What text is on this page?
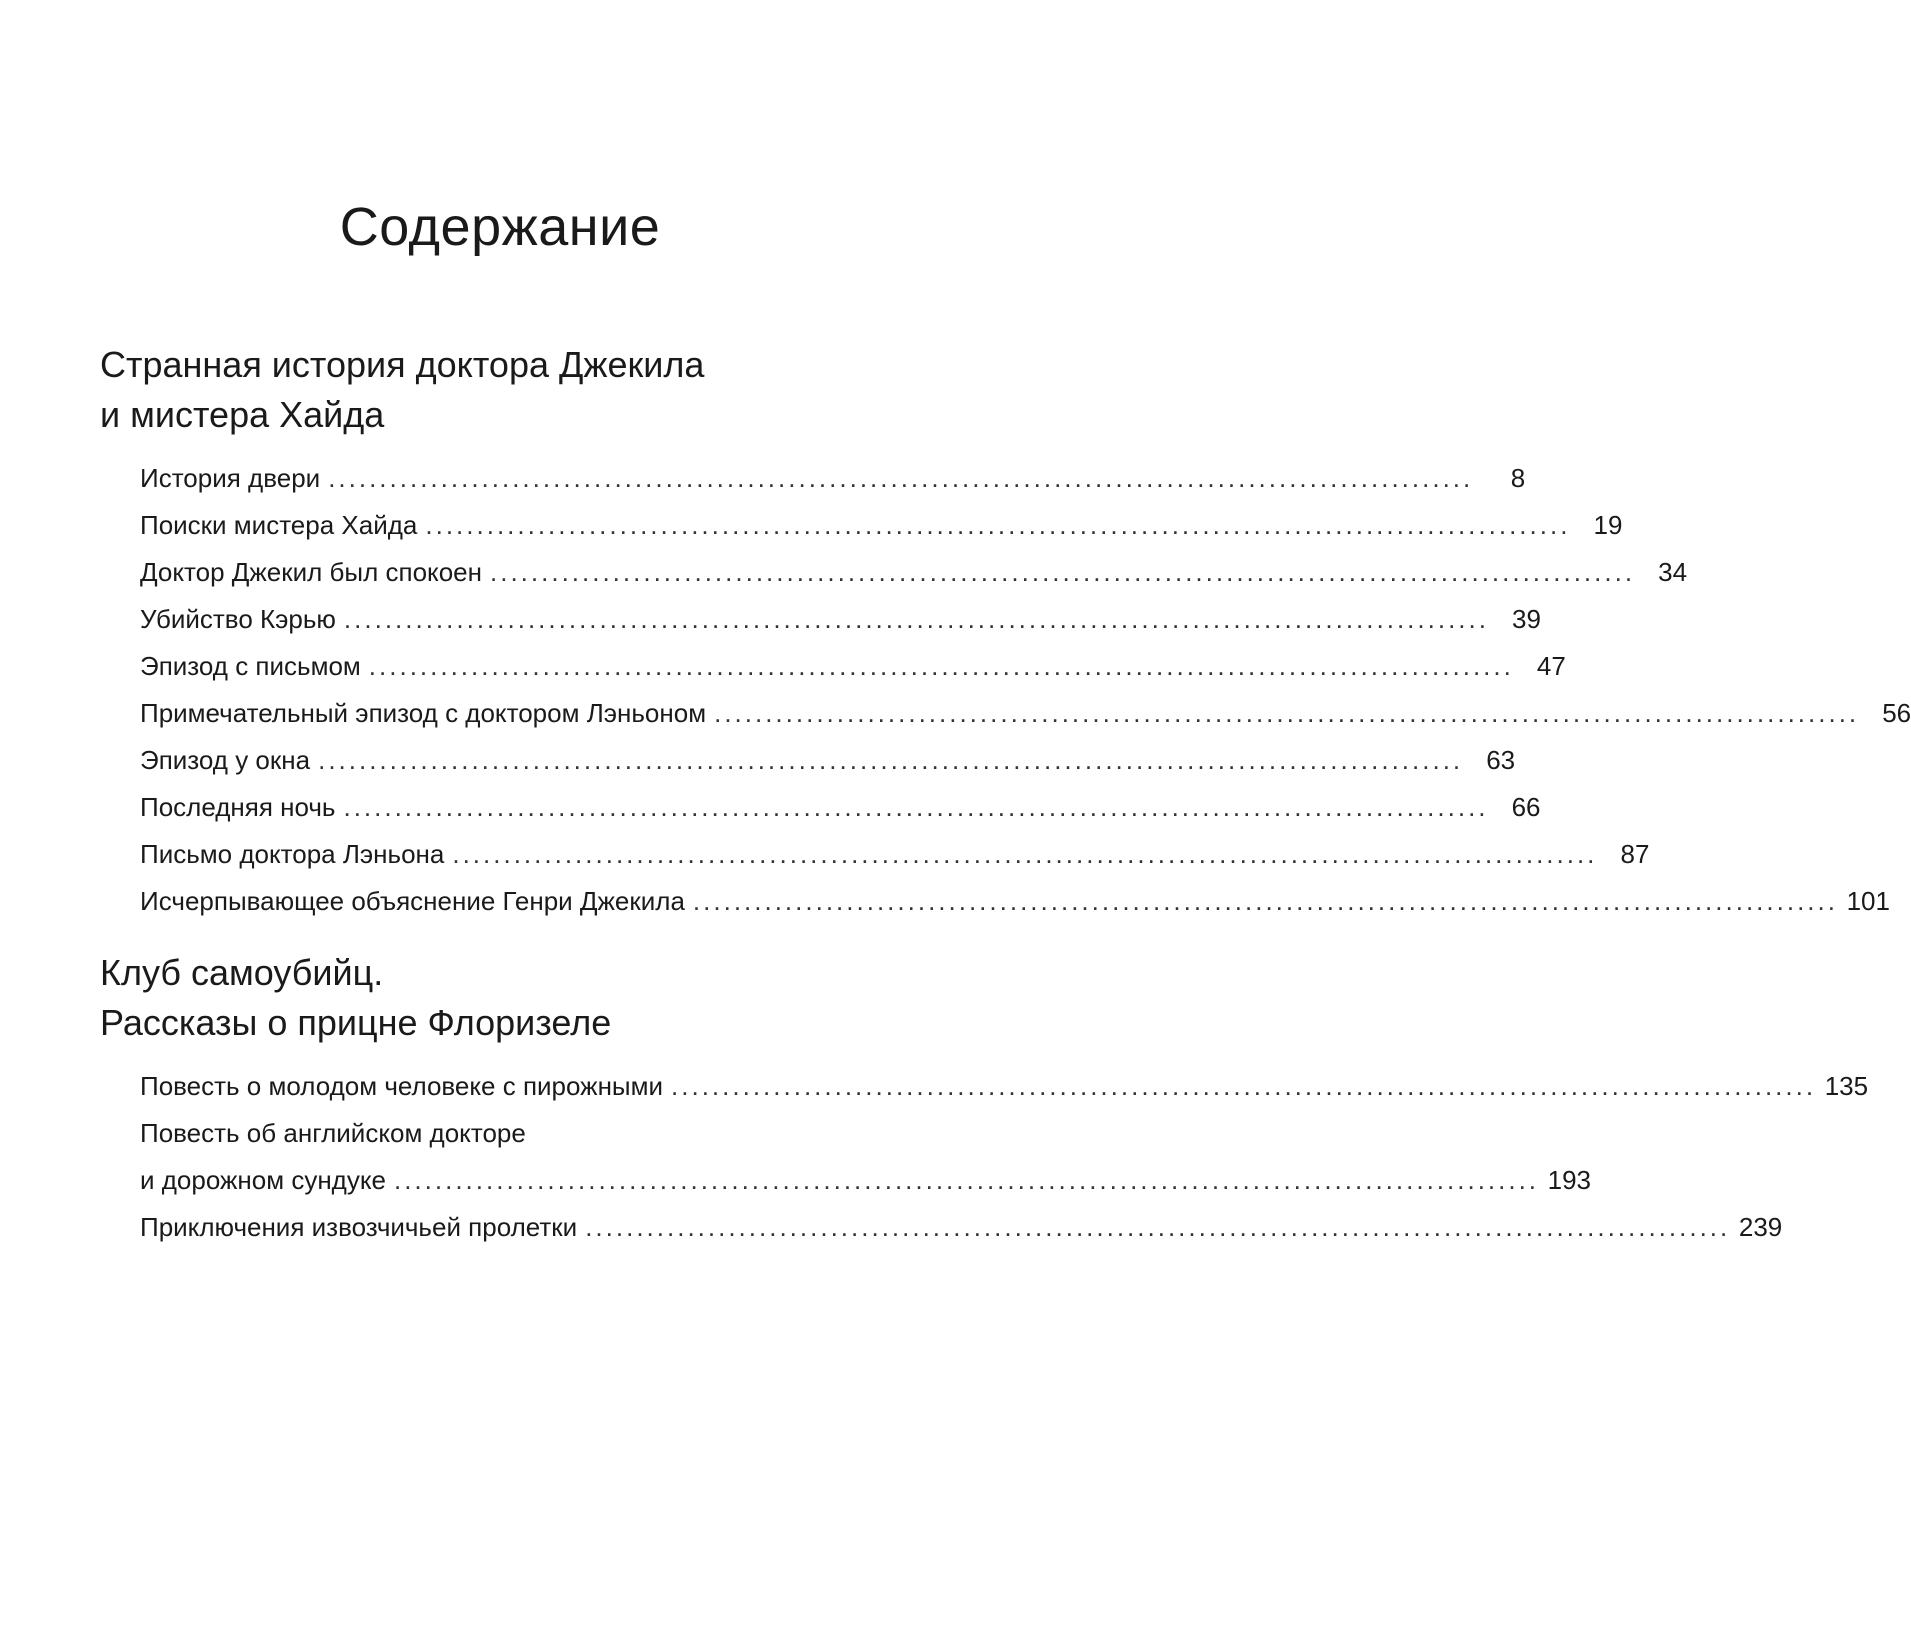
Содержание
Странная история доктора Джекила
и мистера Хайда
История двери ................................................................................................................	8
Поиски мистера Хайда ................................................................................................................ 19
Доктор Джекил был спокоен ................................................................................................................ 34
Убийство Кэрью ................................................................................................................ 39
Эпизод с письмом ................................................................................................................ 47
Примечательный эпизод с доктором Лэньоном ................................................................................................................ 56
Эпизод у окна ................................................................................................................ 63
Последняя ночь ................................................................................................................ 66
Письмо доктора Лэньона ................................................................................................................ 87
Исчерпывающее объяснение Генри Джекила ................................................................................................................ 101
Клуб самоубийц.
Рассказы о прицне Флоризеле
Повесть о молодом человеке с пирожными ................................................................................................................ 135
Повесть об английском докторе
и дорожном сундуке ................................................................................................................ 193
Приключения извозчичьей пролетки ................................................................................................................ 239
